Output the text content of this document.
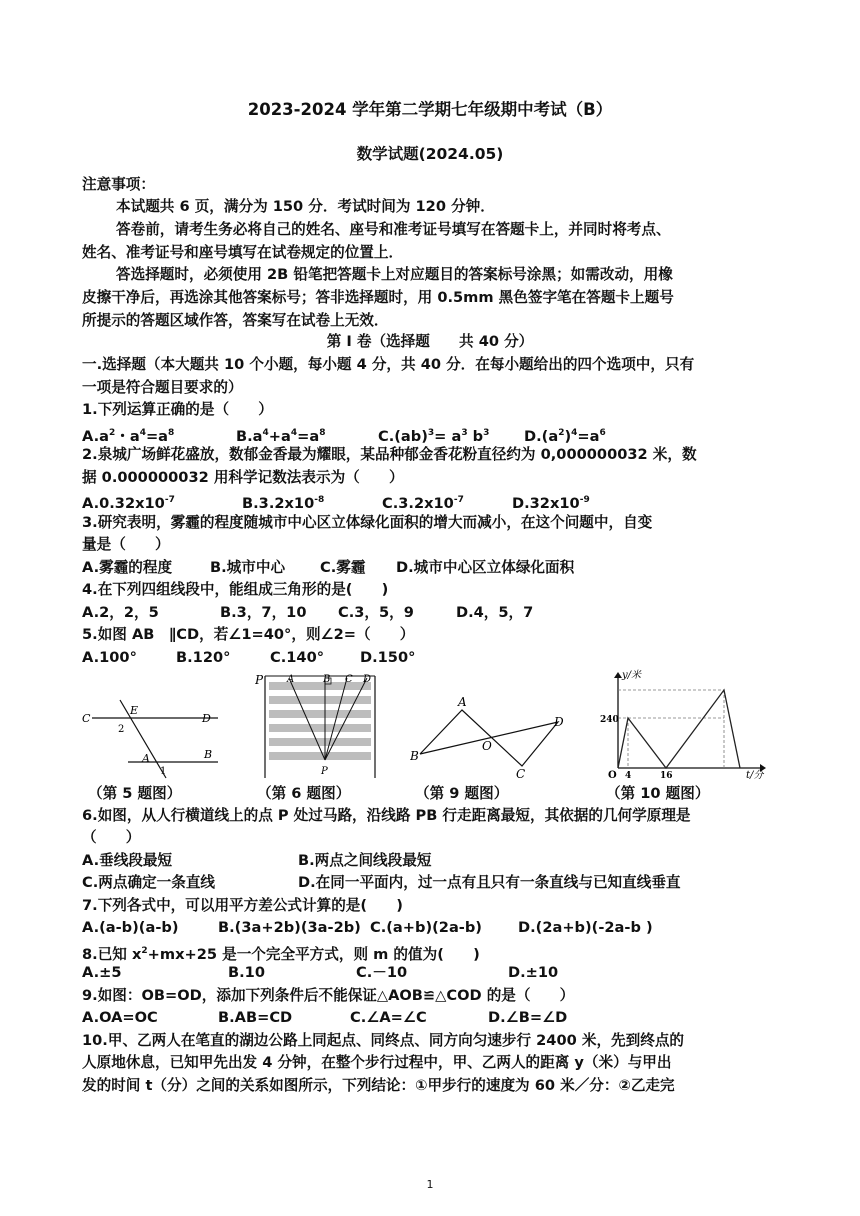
2023-2024 学年第二学期七年级期中考试（B）
数学试题(2024.05)
注意事项：
本试题共 6 页，满分为 150 分．考试时间为 120 分钟．
答卷前，请考生务必将自己的姓名、座号和准考证号填写在答题卡上，并同时将考点、
姓名、准考证号和座号填写在试卷规定的位置上．
答选择题时，必须使用 2B 铅笔把答题卡上对应题目的答案标号涂黑；如需改动，用橡
皮擦干净后，再选涂其他答案标号；答非选择题时，用 0.5mm 黑色签字笔在答题卡上题号
所提示的答题区域作答，答案写在试卷上无效．
第 I 卷（选择题　　共 40 分）
一.选择题（本大题共 10 个小题，每小题 4 分，共 40 分．在每小题给出的四个选项中，只有
一项是符合题目要求的）
1.下列运算正确的是（　　）
$A.a^2$・$a^4=a^8$	$B.a^4+a^4=a^8$	$C.(ab)^3= a^3$ $b^3$ $D.(a^2)^4=a^6$
2.泉城广场鲜花盛放，数郁金香最为耀眼，某品种郁金香花粉直径约为 0,000000032 米，数
据 0.000000032 用科学记数法表示为（　　）
$A.0.32x10^{-7}$	$B.3.2x10^{-8}$	$C.3.2x10^{-7}$	$D.32x10^{-9}$
3.研究表明，雾霾的程度随城市中心区立体绿化面积的增大而减小，在这个问题中，自变
量是（　　）
A.雾霾的程度	B.城市中心 C.雾霾 D.城市中心区立体绿化面积
4.在下列四组线段中，能组成三角形的是(　　)
A.2，2，5	B.3，7，10 C.3，5，9	D.4，5，7
5.如图 AB　∥CD，若∠1=40°，则∠2=（　　）
A.100°	B.120°	C.140° D.150°
C
E
D
2
A
1
B
（第 5 题图）
P A	B C D
P
（第 6 题图）
A
D
O
B
C
（第 9 题图）
y/米
240
O 4	16	t/分
（第 10 题图）
6.如图，从人行横道线上的点 P 处过马路，沿线路 PB 行走距离最短，其依据的几何学原理是
（　　）
A.垂线段最短	B.两点之间线段最短
C.两点确定一条直线	D.在同一平面内，过一点有且只有一条直线与已知直线垂直
7.下列各式中，可以用平方差公式计算的是(　　)
A.(a-b)(a-b)	B.(3a+2b)(3a-2b) C.(a+b)(2a-b) D.(2a+b)(-2a-b )
8.已知 $x^2+mx+25$ 是一个完全平方式，则 m 的值为(　　)
A.±5	B.10	C.－10	D.±10
9.如图：OB=OD，添加下列条件后不能保证△AOB≌△COD 的是（　　）
A.OA=OC	B.AB=CD	C.∠A=∠C	D.∠B=∠D
10.甲、乙两人在笔直的湖边公路上同起点、同终点、同方向匀速步行 2400 米，先到终点的
人原地休息，已知甲先出发 4 分钟，在整个步行过程中，甲、乙两人的距离 y（米）与甲出
发的时间 t（分）之间的关系如图所示，下列结论：①甲步行的速度为 60 米／分：②乙走完
1
